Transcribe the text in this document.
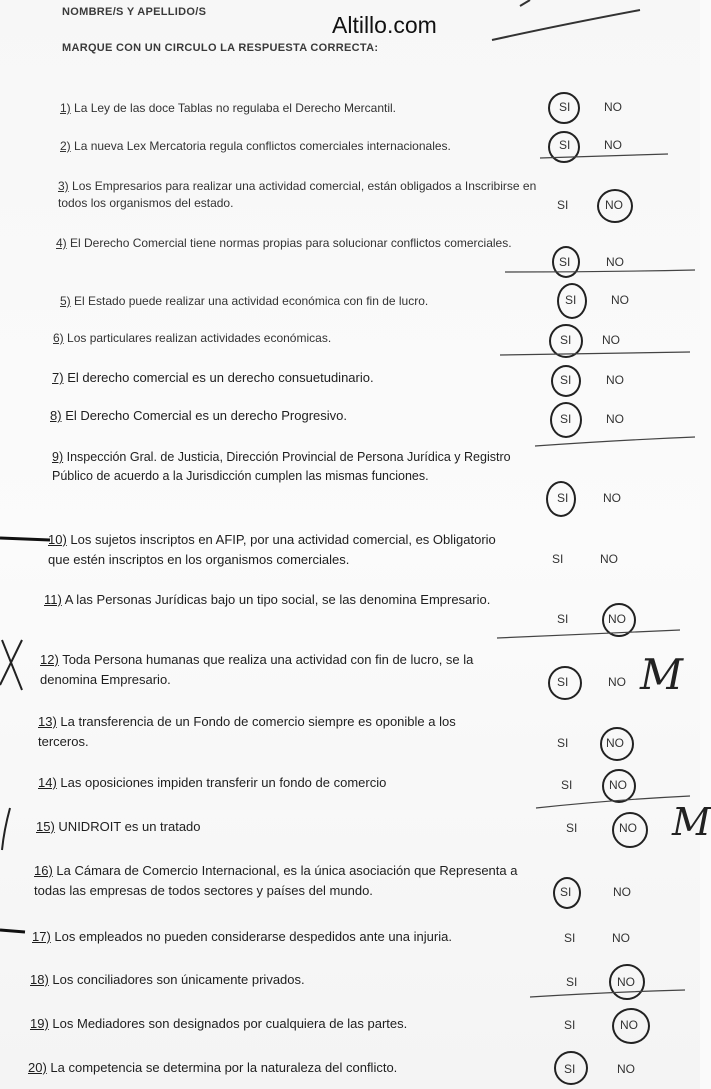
NOMBRE/S Y APELLIDO/S	Altillo.com
MARQUE CON UN CIRCULO LA RESPUESTA CORRECTA:
1) La Ley de las doce Tablas no regulaba el Derecho Mercantil.	SI	NO
2) La nueva Lex Mercatoria regula conflictos comerciales internacionales.	SI	NO
3) Los Empresarios para realizar una actividad comercial, están obligados a Inscribirse en todos los organismos del estado.	SI	NO
4) El Derecho Comercial tiene normas propias para solucionar conflictos comerciales.
SI	NO
5) El Estado puede realizar una actividad económica con fin de lucro.	SI	NO
6) Los particulares realizan actividades económicas.	SI	NO
7) El derecho comercial es un derecho consuetudinario.	SI	NO
8) El Derecho Comercial es un derecho Progresivo.	SI	NO
9) Inspección Gral. de Justicia, Dirección Provincial de Persona Jurídica y Registro Público de acuerdo a la Jurisdicción cumplen las mismas funciones.
SI	NO
10) Los sujetos inscriptos en AFIP, por una actividad comercial, es Obligatorio que estén inscriptos en los organismos comerciales.	SI	NO
11) A las Personas Jurídicas bajo un tipo social, se las denomina Empresario.
SI	NO
12) Toda Persona humanas que realiza una actividad con fin de lucro, se la denomina Empresario.	SI	NO
13) La transferencia de un Fondo de comercio siempre es oponible a los terceros.	SI	NO
14) Las oposiciones impiden transferir un fondo de comercio	SI	NO
15) UNIDROIT es un tratado	SI	NO
16) La Cámara de Comercio Internacional, es la única asociación que Representa a todas las empresas de todos sectores y países del mundo.	SI	NO
17) Los empleados no pueden considerarse despedidos ante una injuria.	SI	NO
18) Los conciliadores son únicamente privados.	SI	NO
19) Los Mediadores son designados por cualquiera de las partes.	SI	NO
20) La competencia se determina por la naturaleza del conflicto.	SI	NO
M
M
